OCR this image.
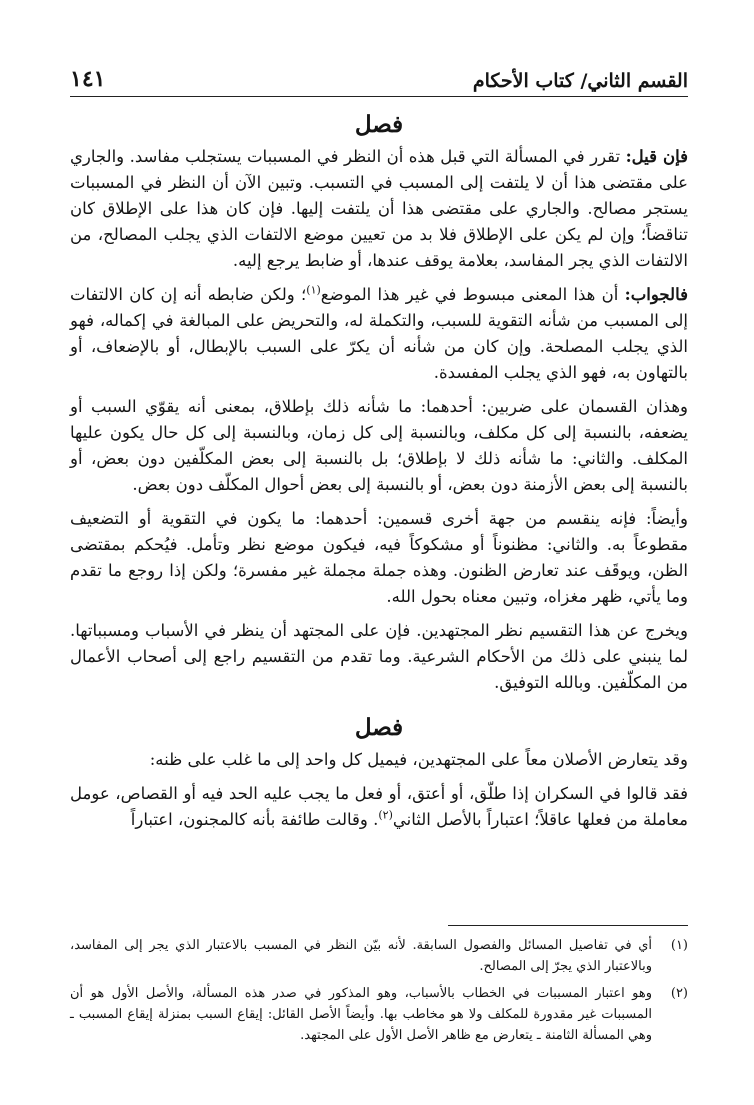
القسم الثاني/ كتاب الأحكام
١٤١
فصل

فإن قيل: تقرر في المسألة التي قبل هذه أن النظر في المسببات يستجلب مفاسد. والجاري على مقتضى هذا أن لا يلتفت إلى المسبب في التسبب. وتبين الآن أن النظر في المسببات يستجر مصالح. والجاري على مقتضى هذا أن يلتفت إليها. فإن كان هذا على الإطلاق كان تناقضاً؛ وإن لم يكن على الإطلاق فلا بد من تعيين موضع الالتفات الذي يجلب المصالح، من الالتفات الذي يجر المفاسد، بعلامة يوقف عندها، أو ضابط يرجع إليه.

فالجواب: أن هذا المعنى مبسوط في غير هذا الموضع$^{(١)}$؛ ولكن ضابطه أنه إن كان الالتفات إلى المسبب من شأنه التقوية للسبب، والتكملة له، والتحريض على المبالغة في إكماله، فهو الذي يجلب المصلحة. وإن كان من شأنه أن يكرّ على السبب بالإبطال، أو بالإضعاف، أو بالتهاون به، فهو الذي يجلب المفسدة.

وهذان القسمان على ضربين: أحدهما: ما شأنه ذلك بإطلاق، بمعنى أنه يقوّي السبب أو يضعفه، بالنسبة إلى كل مكلف، وبالنسبة إلى كل زمان، وبالنسبة إلى كل حال يكون عليها المكلف. والثاني: ما شأنه ذلك لا بإطلاق؛ بل بالنسبة إلى بعض المكلّفين دون بعض، أو بالنسبة إلى بعض الأزمنة دون بعض، أو بالنسبة إلى بعض أحوال المكلّف دون بعض.

وأيضاً: فإنه ينقسم من جهة أخرى قسمين: أحدهما: ما يكون في التقوية أو التضعيف مقطوعاً به. والثاني: مظنوناً أو مشكوكاً فيه، فيكون موضع نظر وتأمل. فيُحكم بمقتضى الظن، ويوقَف عند تعارض الظنون. وهذه جملة مجملة غير مفسرة؛ ولكن إذا روجع ما تقدم وما يأتي، ظهر مغزاه، وتبين معناه بحول الله.

ويخرج عن هذا التقسيم نظر المجتهدين. فإن على المجتهد أن ينظر في الأسباب ومسبباتها. لما ينبني على ذلك من الأحكام الشرعية. وما تقدم من التقسيم راجع إلى أصحاب الأعمال من المكلّفين. وبالله التوفيق.

فصل

وقد يتعارض الأصلان معاً على المجتهدين، فيميل كل واحد إلى ما غلب على ظنه:

فقد قالوا في السكران إذا طلّق، أو أعتق، أو فعل ما يجب عليه الحد فيه أو القصاص، عومل معاملة من فعلها عاقلاً؛ اعتباراً بالأصل الثاني$^{(٢)}$. وقالت طائفة بأنه كالمجنون، اعتباراً

(١)
أي في تفاصيل المسائل والفصول السابقة. لأنه بيّن النظر في المسبب بالاعتبار الذي يجر إلى المفاسد، وبالاعتبار الذي يجرّ إلى المصالح.
(٢)
وهو اعتبار المسببات في الخطاب بالأسباب، وهو المذكور في صدر هذه المسألة، والأصل الأول هو أن المسببات غير مقدورة للمكلف ولا هو مخاطب بها. وأيضاً الأصل القائل: إيقاع السبب بمنزلة إيقاع المسبب ـ وهي المسألة الثامنة ـ يتعارض مع ظاهر الأصل الأول على المجتهد.
